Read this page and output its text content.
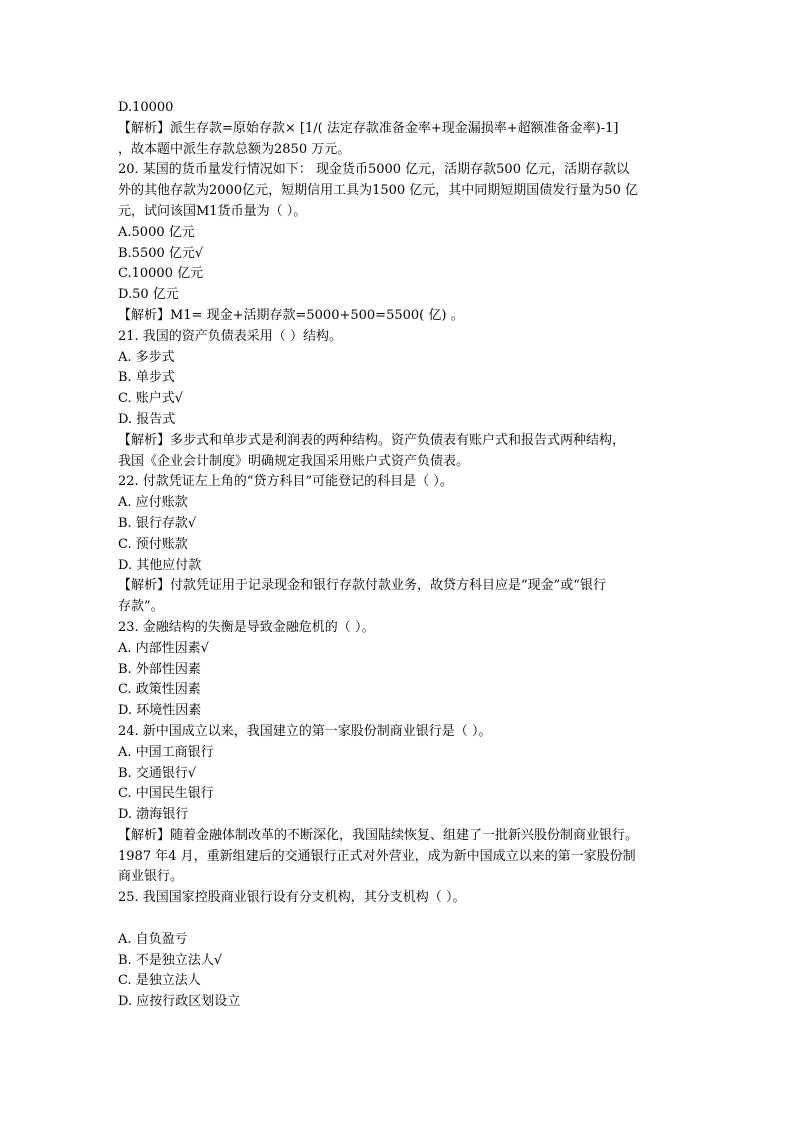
D.10000
【解析】派生存款=原始存款× [1/( 法定存款准备金率+现金漏损率+超额准备金率)-1]
，故本题中派生存款总额为2850 万元。
20. 某国的货币量发行情况如下： 现金货币5000 亿元，活期存款500 亿元，活期存款以
外的其他存款为2000亿元，短期信用工具为1500 亿元，其中同期短期国债发行量为50 亿
元，试问该国M1货币量为（ ）。
A.5000 亿元
B.5500 亿元√
C.10000 亿元
D.50 亿元
【解析】M1= 现金+活期存款=5000+500=5500( 亿) 。
21. 我国的资产负债表采用（ ）结构。
A. 多步式
B. 单步式
C. 账户式√
D. 报告式
【解析】多步式和单步式是利润表的两种结构。资产负债表有账户式和报告式两种结构，
我国《企业会计制度》明确规定我国采用账户式资产负债表。
22. 付款凭证左上角的“贷方科目”可能登记的科目是（ ）。
A. 应付账款
B. 银行存款√
C. 预付账款
D. 其他应付款
【解析】付款凭证用于记录现金和银行存款付款业务，故贷方科目应是“现金”或“银行
存款”。
23. 金融结构的失衡是导致金融危机的（ ）。
A. 内部性因素√
B. 外部性因素
C. 政策性因素
D. 环境性因素
24. 新中国成立以来，我国建立的第一家股份制商业银行是（ ）。
A. 中国工商银行
B. 交通银行√
C. 中国民生银行
D. 渤海银行
【解析】随着金融体制改革的不断深化，我国陆续恢复、组建了一批新兴股份制商业银行。
1987 年4 月，重新组建后的交通银行正式对外营业，成为新中国成立以来的第一家股份制
商业银行。
25. 我国国家控股商业银行设有分支机构，其分支机构（ ）。
A. 自负盈亏
B. 不是独立法人√
C. 是独立法人
D. 应按行政区划设立
